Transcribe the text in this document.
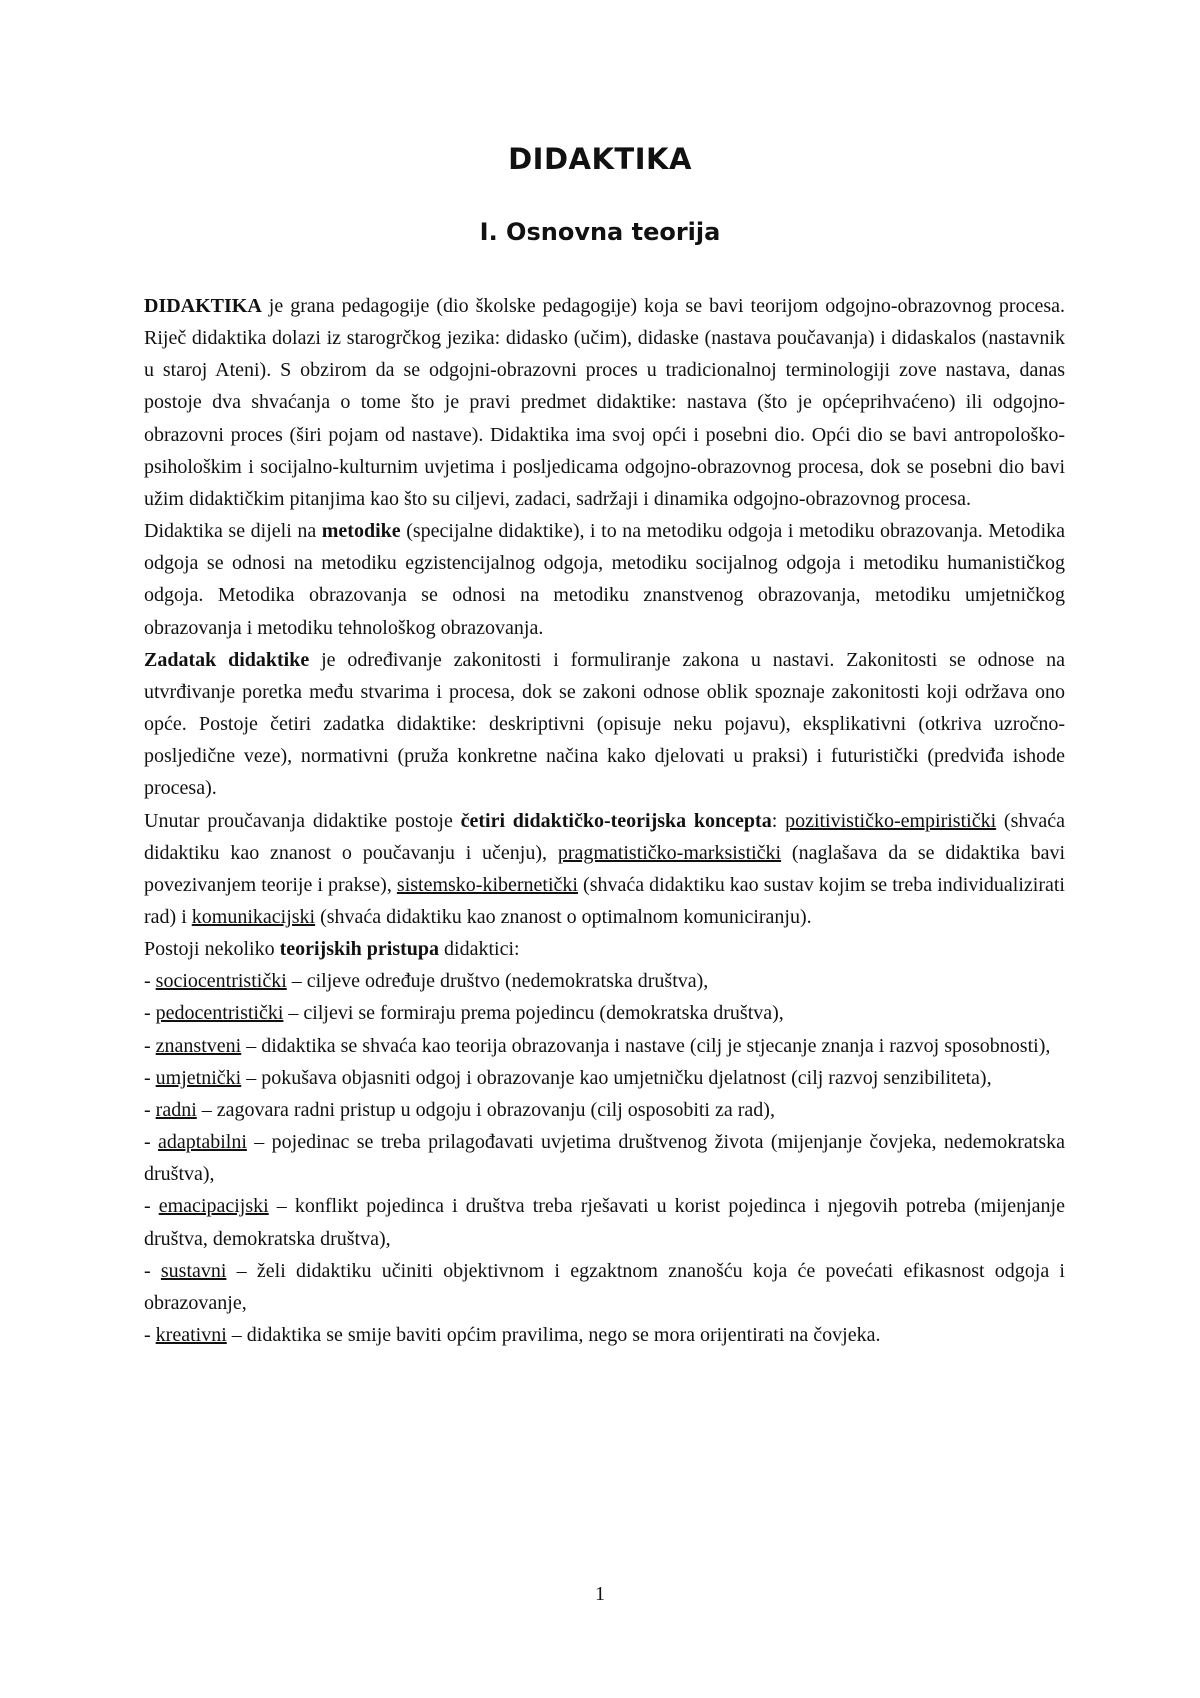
DIDAKTIKA
I. Osnovna teorija

DIDAKTIKA je grana pedagogije (dio školske pedagogije) koja se bavi teorijom odgojno-obrazovnog procesa. Riječ didaktika dolazi iz starogrčkog jezika: didasko (učim), didaske (nastava poučavanja) i didaskalos (nastavnik u staroj Ateni). S obzirom da se odgojni-obrazovni proces u tradicionalnoj terminologiji zove nastava, danas postoje dva shvaćanja o tome što je pravi predmet didaktike: nastava (što je općeprihvaćeno) ili odgojno-obrazovni proces (širi pojam od nastave). Didaktika ima svoj opći i posebni dio. Opći dio se bavi antropološko-psihološkim i socijalno-kulturnim uvjetima i posljedicama odgojno-obrazovnog procesa, dok se posebni dio bavi užim didaktičkim pitanjima kao što su ciljevi, zadaci, sadržaji i dinamika odgojno-obrazovnog procesa.

Didaktika se dijeli na metodike (specijalne didaktike), i to na metodiku odgoja i metodiku obrazovanja. Metodika odgoja se odnosi na metodiku egzistencijalnog odgoja, metodiku socijalnog odgoja i metodiku humanističkog odgoja. Metodika obrazovanja se odnosi na metodiku znanstvenog obrazovanja, metodiku umjetničkog obrazovanja i metodiku tehnološkog obrazovanja.

Zadatak didaktike je određivanje zakonitosti i formuliranje zakona u nastavi. Zakonitosti se odnose na utvrđivanje poretka među stvarima i procesa, dok se zakoni odnose oblik spoznaje zakonitosti koji održava ono opće. Postoje četiri zadatka didaktike: deskriptivni (opisuje neku pojavu), eksplikativni (otkriva uzročno-posljedične veze), normativni (pruža konkretne načina kako djelovati u praksi) i futuristički (predviđa ishode procesa).

Unutar proučavanja didaktike postoje četiri didaktičko-teorijska koncepta: pozitivističko-empiristički (shvaća didaktiku kao znanost o poučavanju i učenju), pragmatističko-marksistički (naglašava da se didaktika bavi povezivanjem teorije i prakse), sistemsko-kibernetički (shvaća didaktiku kao sustav kojim se treba individualizirati rad) i komunikacijski (shvaća didaktiku kao znanost o optimalnom komuniciranju).

Postoji nekoliko teorijskih pristupa didaktici:

- sociocentristički – ciljeve određuje društvo (nedemokratska društva),

- pedocentristički – ciljevi se formiraju prema pojedincu (demokratska društva),

- znanstveni – didaktika se shvaća kao teorija obrazovanja i nastave (cilj je stjecanje znanja i razvoj sposobnosti),

- umjetnički – pokušava objasniti odgoj i obrazovanje kao umjetničku djelatnost (cilj razvoj senzibiliteta),

- radni – zagovara radni pristup u odgoju i obrazovanju (cilj osposobiti za rad),

- adaptabilni – pojedinac se treba prilagođavati uvjetima društvenog života (mijenjanje čovjeka, nedemokratska društva),

- emacipacijski – konflikt pojedinca i društva treba rješavati u korist pojedinca i njegovih potreba (mijenjanje društva, demokratska društva),

- sustavni – želi didaktiku učiniti objektivnom i egzaktnom znanošću koja će povećati efikasnost odgoja i obrazovanje,

- kreativni – didaktika se smije baviti općim pravilima, nego se mora orijentirati na čovjeka.

1
